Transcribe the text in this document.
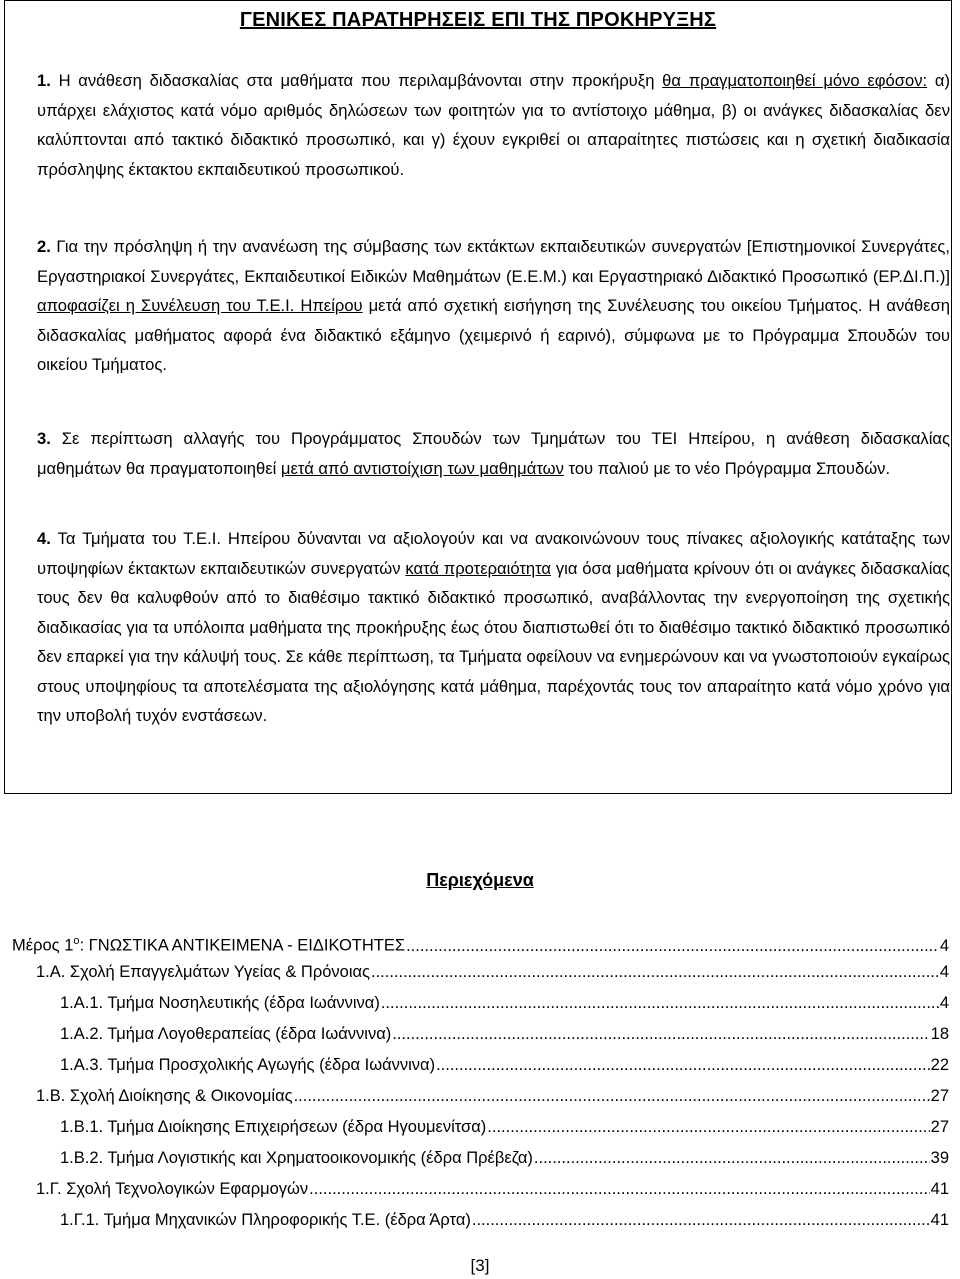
ΓΕΝΙΚΕΣ ΠΑΡΑΤΗΡΗΣΕΙΣ ΕΠΙ ΤΗΣ ΠΡΟΚΗΡΥΞΗΣ

1. Η ανάθεση διδασκαλίας στα μαθήματα που περιλαμβάνονται στην προκήρυξη θα πραγματοποιηθεί μόνο εφόσον: α) υπάρχει ελάχιστος κατά νόμο αριθμός δηλώσεων των φοιτητών για το αντίστοιχο μάθημα, β) οι ανάγκες διδασκαλίας δεν καλύπτονται από τακτικό διδακτικό προσωπικό, και γ) έχουν εγκριθεί οι απαραίτητες πιστώσεις και η σχετική διαδικασία πρόσληψης έκτακτου εκπαιδευτικού προσωπικού.

2. Για την πρόσληψη ή την ανανέωση της σύμβασης των εκτάκτων εκπαιδευτικών συνεργατών [Επιστημονικοί Συνεργάτες, Εργαστηριακοί Συνεργάτες, Εκπαιδευτικοί Ειδικών Μαθημάτων (Ε.Ε.Μ.) και Εργαστηριακό Διδακτικό Προσωπικό (ΕΡ.ΔΙ.Π.)] αποφασίζει η Συνέλευση του Τ.Ε.Ι. Ηπείρου μετά από σχετική εισήγηση της Συνέλευσης του οικείου Τμήματος. Η ανάθεση διδασκαλίας μαθήματος αφορά ένα διδακτικό εξάμηνο (χειμερινό ή εαρινό), σύμφωνα με το Πρόγραμμα Σπουδών του οικείου Τμήματος.

3. Σε περίπτωση αλλαγής του Προγράμματος Σπουδών των Τμημάτων του ΤΕΙ Ηπείρου, η ανάθεση διδασκαλίας μαθημάτων θα πραγματοποιηθεί μετά από αντιστοίχιση των μαθημάτων του παλιού με το νέο Πρόγραμμα Σπουδών.

4. Τα Τμήματα του Τ.Ε.Ι. Ηπείρου δύνανται να αξιολογούν και να ανακοινώνουν τους πίνακες αξιολογικής κατάταξης των υποψηφίων έκτακτων εκπαιδευτικών συνεργατών κατά προτεραιότητα για όσα μαθήματα κρίνουν ότι οι ανάγκες διδασκαλίας τους δεν θα καλυφθούν από το διαθέσιμο τακτικό διδακτικό προσωπικό, αναβάλλοντας την ενεργοποίηση της σχετικής διαδικασίας για τα υπόλοιπα μαθήματα της προκήρυξης έως ότου διαπιστωθεί ότι το διαθέσιμο τακτικό διδακτικό προσωπικό δεν επαρκεί για την κάλυψή τους. Σε κάθε περίπτωση, τα Τμήματα οφείλουν να ενημερώνουν και να γνωστοποιούν εγκαίρως στους υποψηφίους τα αποτελέσματα της αξιολόγησης κατά μάθημα, παρέχοντάς τους τον απαραίτητο κατά νόμο χρόνο για την υποβολή τυχόν ενστάσεων.

Περιεχόμενα
Μέρος $1^o$: ΓΝΩΣΤΙΚΑ ΑΝΤΙΚΕΙΜΕΝΑ - ΕΙΔΙΚΟΤΗΤΕΣ .....	4
1.Α. Σχολή Επαγγελμάτων Υγείας & Πρόνοιας .....	4
1.Α.1. Τμήμα Νοσηλευτικής (έδρα Ιωάννινα) .....	4
1.Α.2. Τμήμα Λογοθεραπείας (έδρα Ιωάννινα) .....	18
1.Α.3. Τμήμα Προσχολικής Αγωγής (έδρα Ιωάννινα) .....	22
1.Β. Σχολή Διοίκησης & Οικονομίας .....	27
1.Β.1. Τμήμα Διοίκησης Επιχειρήσεων (έδρα Ηγουμενίτσα) .....	27
1.Β.2. Τμήμα Λογιστικής και Χρηματοοικονομικής (έδρα Πρέβεζα) .....	39
1.Γ. Σχολή Τεχνολογικών Εφαρμογών .....	41
1.Γ.1. Τμήμα Μηχανικών Πληροφορικής Τ.Ε. (έδρα Άρτα) .....	41
[3]
